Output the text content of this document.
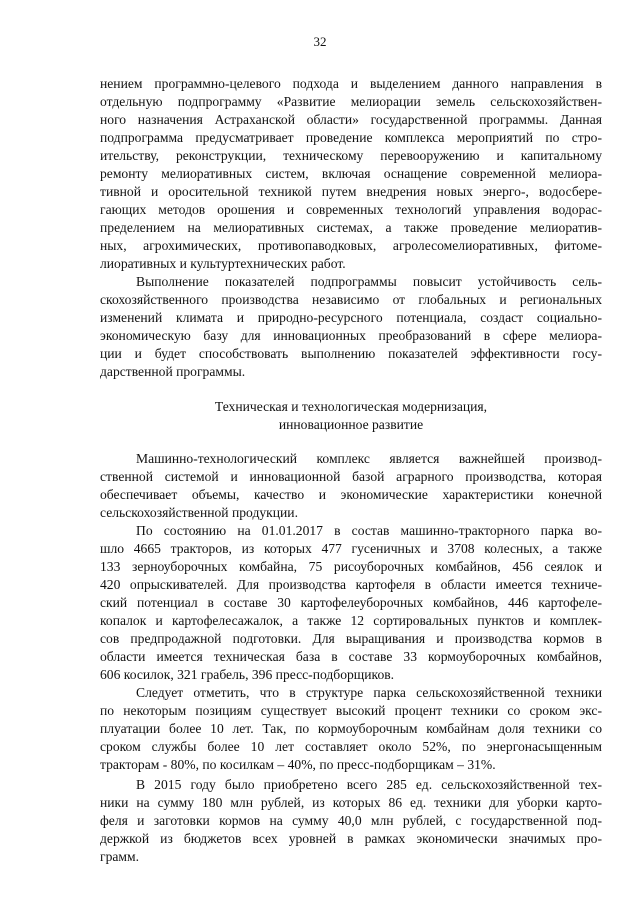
32
нением программно-целевого подхода и выделением данного направления в
отдельную подпрограмму «Развитие мелиорации земель сельскохозяйствен-
ного назначения Астраханской области» государственной программы. Данная
подпрограмма предусматривает проведение комплекса мероприятий по стро-
ительству, реконструкции, техническому перевооружению и капитальному
ремонту мелиоративных систем, включая оснащение современной мелиора-
тивной и оросительной техникой путем внедрения новых энерго-, водосбере-
гающих методов орошения и современных технологий управления водорас-
пределением на мелиоративных системах, а также проведение мелиоратив-
ных, агрохимических, противопаводковых, агролесомелиоративных, фитоме-
лиоративных и культуртехнических работ.
Выполнение показателей подпрограммы повысит устойчивость сель-
скохозяйственного производства независимо от глобальных и региональных
изменений климата и природно-ресурсного потенциала, создаст социально-
экономическую базу для инновационных преобразований в сфере мелиора-
ции и будет способствовать выполнению показателей эффективности госу-
дарственной программы.
Техническая и технологическая модернизация,
инновационное развитие
Машинно-технологический комплекс является важнейшей производ-
ственной системой и инновационной базой аграрного производства, которая
обеспечивает объемы, качество и экономические характеристики конечной
сельскохозяйственной продукции.
По состоянию на 01.01.2017 в состав машинно-тракторного парка во-
шло 4665 тракторов, из которых 477 гусеничных и 3708 колесных, а также
133 зерноуборочных комбайна, 75 рисоуборочных комбайнов, 456 сеялок и
420 опрыскивателей. Для производства картофеля в области имеется техниче-
ский потенциал в составе 30 картофелеуборочных комбайнов, 446 картофеле-
копалок и картофелесажалок, а также 12 сортировальных пунктов и комплек-
сов предпродажной подготовки. Для выращивания и производства кормов в
области имеется техническая база в составе 33 кормоуборочных комбайнов,
606 косилок, 321 грабель, 396 пресс-подборщиков.
Следует отметить, что в структуре парка сельскохозяйственной техники
по некоторым позициям существует высокий процент техники со сроком экс-
плуатации более 10 лет. Так, по кормоуборочным комбайнам доля техники со
сроком службы более 10 лет составляет около 52%, по энергонасыщенным
тракторам - 80%, по косилкам – 40%, по пресс-подборщикам – 31%.
В 2015 году было приобретено всего 285 ед. сельскохозяйственной тех-
ники на сумму 180 млн рублей, из которых 86 ед. техники для уборки карто-
феля и заготовки кормов на сумму 40,0 млн рублей, с государственной под-
держкой из бюджетов всех уровней в рамках экономически значимых про-
грамм.
